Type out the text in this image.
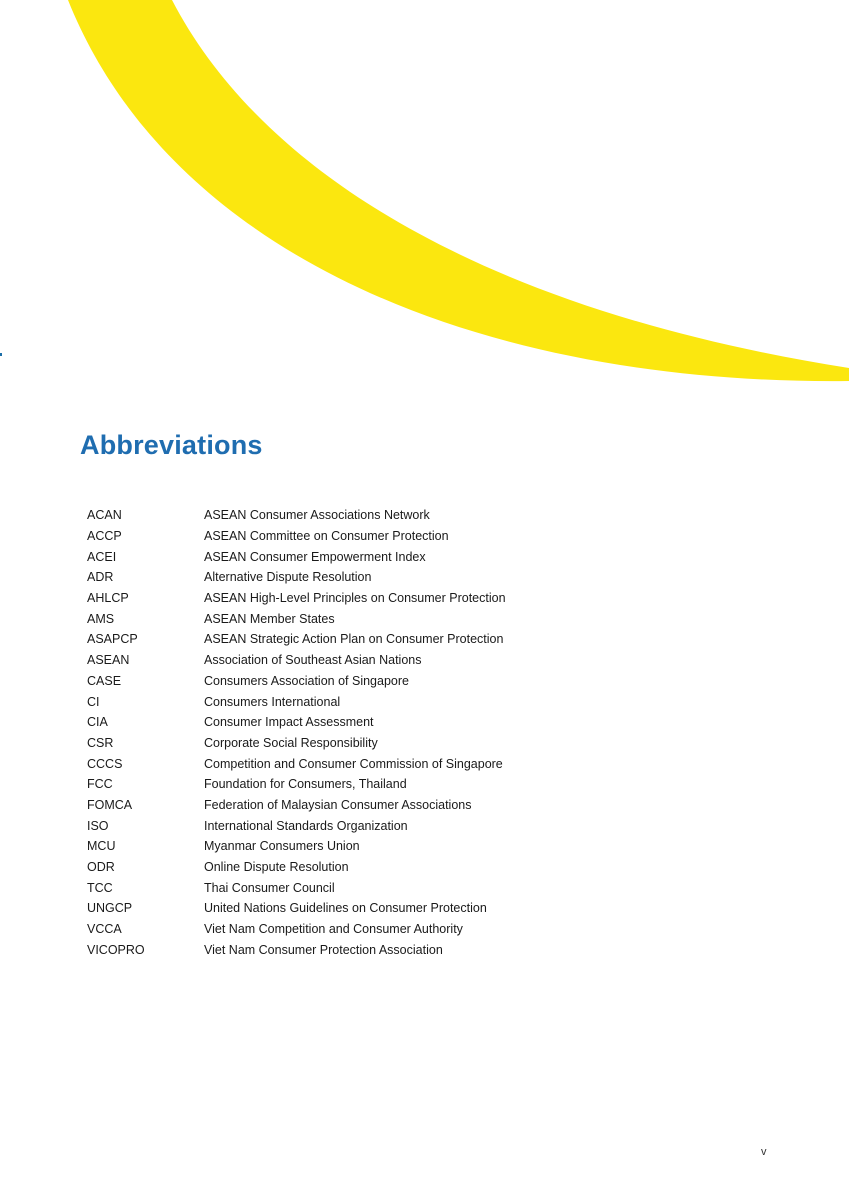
Abbreviations
ACAN	ASEAN Consumer Associations Network
ACCP	ASEAN Committee on Consumer Protection
ACEI	ASEAN Consumer Empowerment Index
ADR	Alternative Dispute Resolution
AHLCP	ASEAN High-Level Principles on Consumer Protection
AMS	ASEAN Member States
ASAPCP	ASEAN Strategic Action Plan on Consumer Protection
ASEAN	Association of Southeast Asian Nations
CASE	Consumers Association of Singapore
CI	Consumers International
CIA	Consumer Impact Assessment
CSR	Corporate Social Responsibility
CCCS	Competition and Consumer Commission of Singapore
FCC	Foundation for Consumers, Thailand
FOMCA	Federation of Malaysian Consumer Associations
ISO	International Standards Organization
MCU	Myanmar Consumers Union
ODR	Online Dispute Resolution
TCC	Thai Consumer Council
UNGCP	United Nations Guidelines on Consumer Protection
VCCA	Viet Nam Competition and Consumer Authority
VICOPRO	Viet Nam Consumer Protection Association
v
